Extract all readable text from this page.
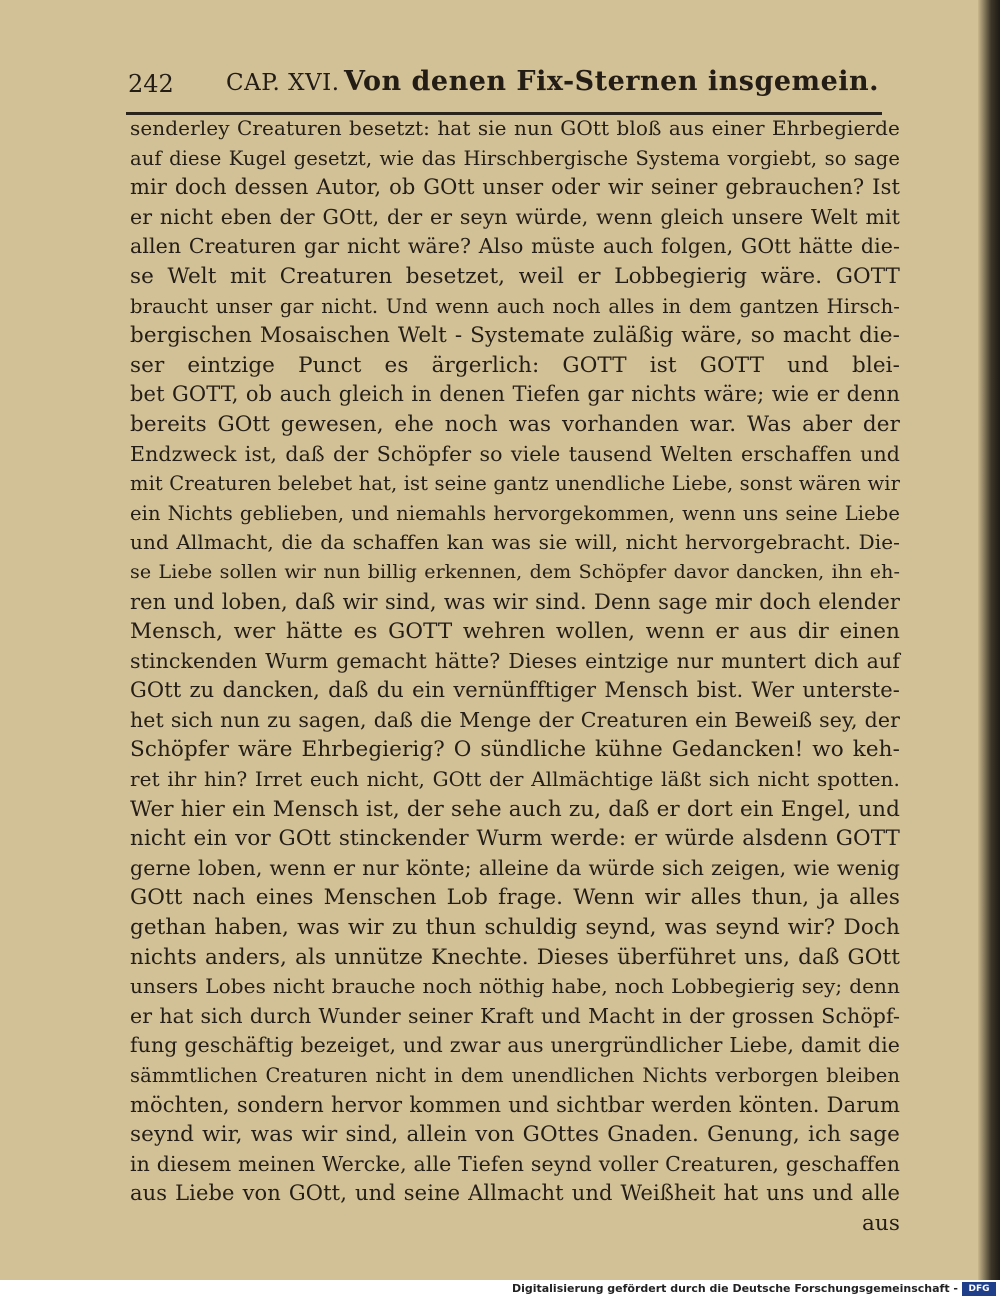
242 CAP. XVI. Von denen Fix-Sternen insgemein.
senderley Creaturen besetzt: hat sie nun GOtt bloß aus einer Ehrbegierde
auf diese Kugel gesetzt, wie das Hirschbergische Systema vorgiebt, so sage
mir doch dessen Autor, ob GOtt unser oder wir seiner gebrauchen? Ist
er nicht eben der GOtt, der er seyn würde, wenn gleich unsere Welt mit
allen Creaturen gar nicht wäre? Also müste auch folgen, GOtt hätte die-
se Welt mit Creaturen besetzet, weil er Lobbegierig wäre. GOTT
braucht unser gar nicht. Und wenn auch noch alles in dem gantzen Hirsch-
bergischen Mosaischen Welt - Systemate zuläßig wäre, so macht die-
ser eintzige Punct es ärgerlich: GOTT ist GOTT und blei-
bet GOTT, ob auch gleich in denen Tiefen gar nichts wäre; wie er denn
bereits GOtt gewesen, ehe noch was vorhanden war. Was aber der
Endzweck ist, daß der Schöpfer so viele tausend Welten erschaffen und
mit Creaturen belebet hat, ist seine gantz unendliche Liebe, sonst wären wir
ein Nichts geblieben, und niemahls hervorgekommen, wenn uns seine Liebe
und Allmacht, die da schaffen kan was sie will, nicht hervorgebracht. Die-
se Liebe sollen wir nun billig erkennen, dem Schöpfer davor dancken, ihn eh-
ren und loben, daß wir sind, was wir sind. Denn sage mir doch elender
Mensch, wer hätte es GOTT wehren wollen, wenn er aus dir einen
stinckenden Wurm gemacht hätte? Dieses eintzige nur muntert dich auf
GOtt zu dancken, daß du ein vernünfftiger Mensch bist. Wer unterste-
het sich nun zu sagen, daß die Menge der Creaturen ein Beweiß sey, der
Schöpfer wäre Ehrbegierig? O sündliche kühne Gedancken! wo keh-
ret ihr hin? Irret euch nicht, GOtt der Allmächtige läßt sich nicht spotten.
Wer hier ein Mensch ist, der sehe auch zu, daß er dort ein Engel, und
nicht ein vor GOtt stinckender Wurm werde: er würde alsdenn GOTT
gerne loben, wenn er nur könte; alleine da würde sich zeigen, wie wenig
GOtt nach eines Menschen Lob frage. Wenn wir alles thun, ja alles
gethan haben, was wir zu thun schuldig seynd, was seynd wir? Doch
nichts anders, als unnütze Knechte. Dieses überführet uns, daß GOtt
unsers Lobes nicht brauche noch nöthig habe, noch Lobbegierig sey; denn
er hat sich durch Wunder seiner Kraft und Macht in der grossen Schöpf-
fung geschäftig bezeiget, und zwar aus unergründlicher Liebe, damit die
sämmtlichen Creaturen nicht in dem unendlichen Nichts verborgen bleiben
möchten, sondern hervor kommen und sichtbar werden könten. Darum
seynd wir, was wir sind, allein von GOttes Gnaden. Genung, ich sage
in diesem meinen Wercke, alle Tiefen seynd voller Creaturen, geschaffen
aus Liebe von GOtt, und seine Allmacht und Weißheit hat uns und alle
aus
Digitalisierung gefördert durch die Deutsche Forschungsgemeinschaft -	DFG
